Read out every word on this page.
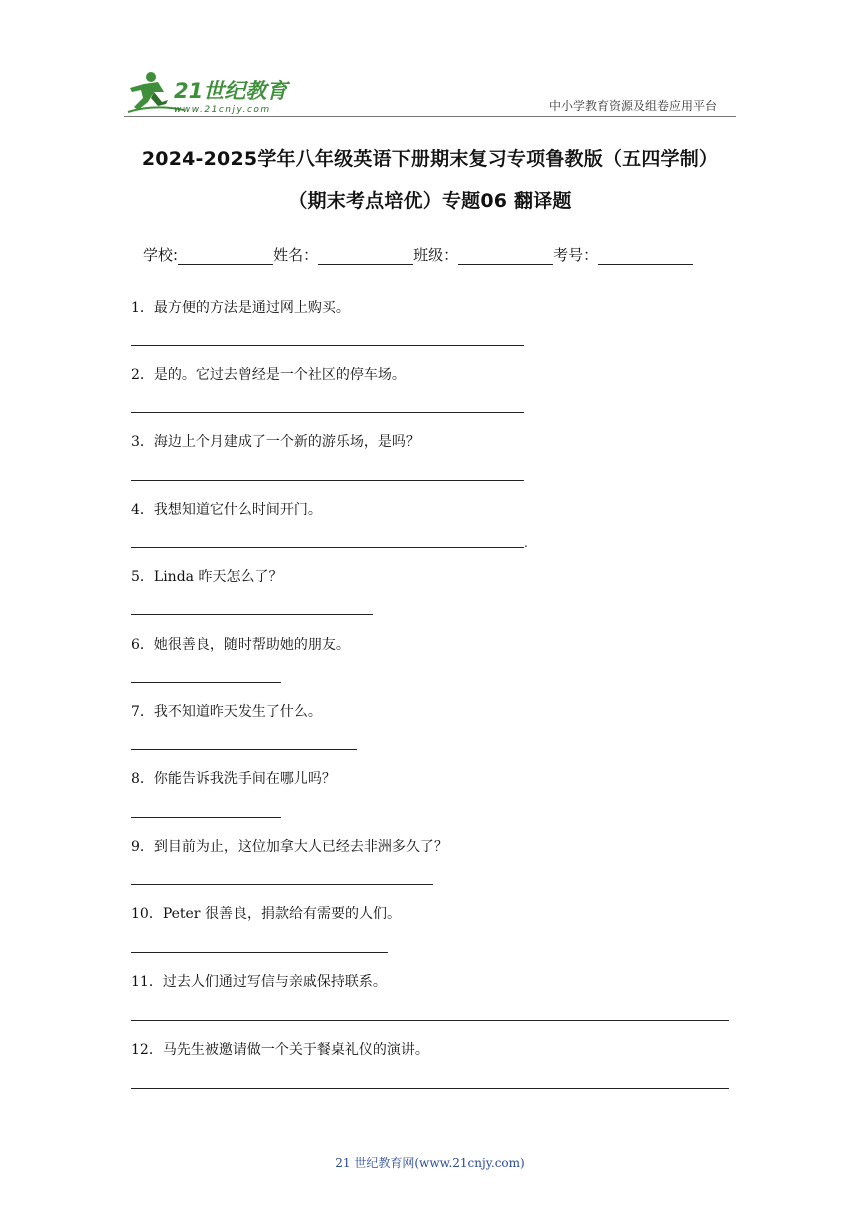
21世纪教育
www.21cnjy.com	中小学教育资源及组卷应用平台
2024-2025学年八年级英语下册期末复习专项鲁教版（五四学制）
（期末考点培优）专题06 翻译题
学校:	姓名：	班级：	考号：
1．最方便的方法是通过网上购买。
2．是的。它过去曾经是一个社区的停车场。
3．海边上个月建成了一个新的游乐场，是吗？
4．我想知道它什么时间开门。
.
5．Linda 昨天怎么了？
6．她很善良，随时帮助她的朋友。
7．我不知道昨天发生了什么。
8．你能告诉我洗手间在哪儿吗？
9．到目前为止，这位加拿大人已经去非洲多久了？
10．Peter 很善良，捐款给有需要的人们。
11．过去人们通过写信与亲戚保持联系。
12．马先生被邀请做一个关于餐桌礼仪的演讲。
21 世纪教育网(www.21cnjy.com)
